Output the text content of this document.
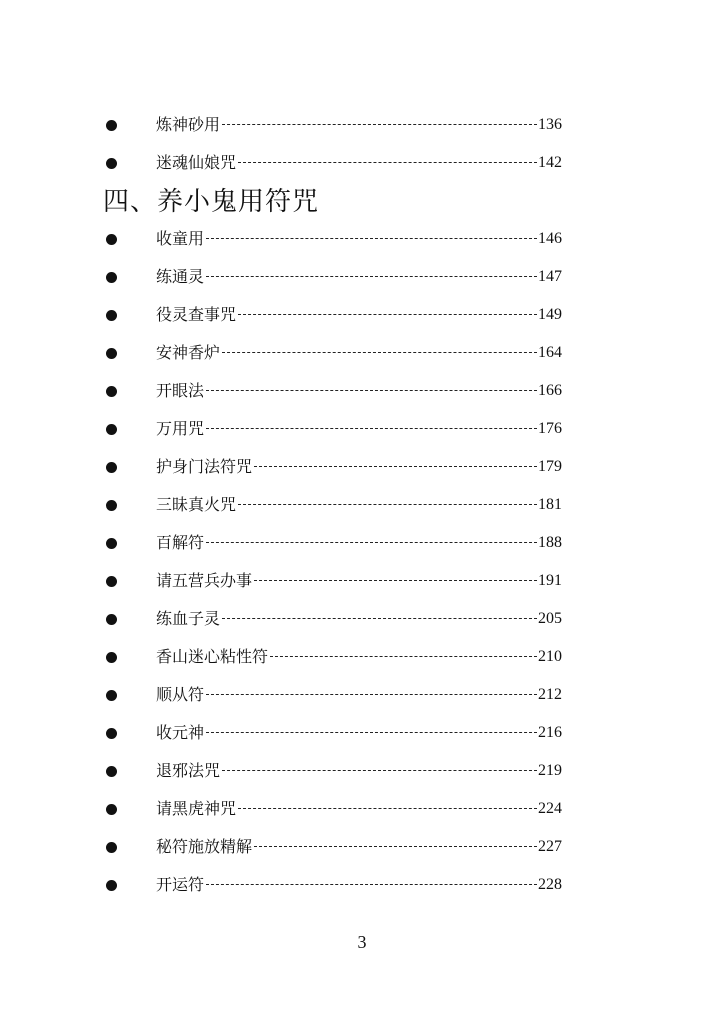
炼神砂用	136
迷魂仙娘咒	142
收童用	146
练通灵	147
役灵查事咒	149
安神香炉	164
开眼法	166
万用咒	176
护身门法符咒	179
三昧真火咒	181
百解符	188
请五营兵办事	191
练血子灵	205
香山迷心粘性符	210
顺从符	212
收元神	216
退邪法咒	219
请黑虎神咒	224
秘符施放精解	227
开运符	228
四、养小鬼用符咒
3
